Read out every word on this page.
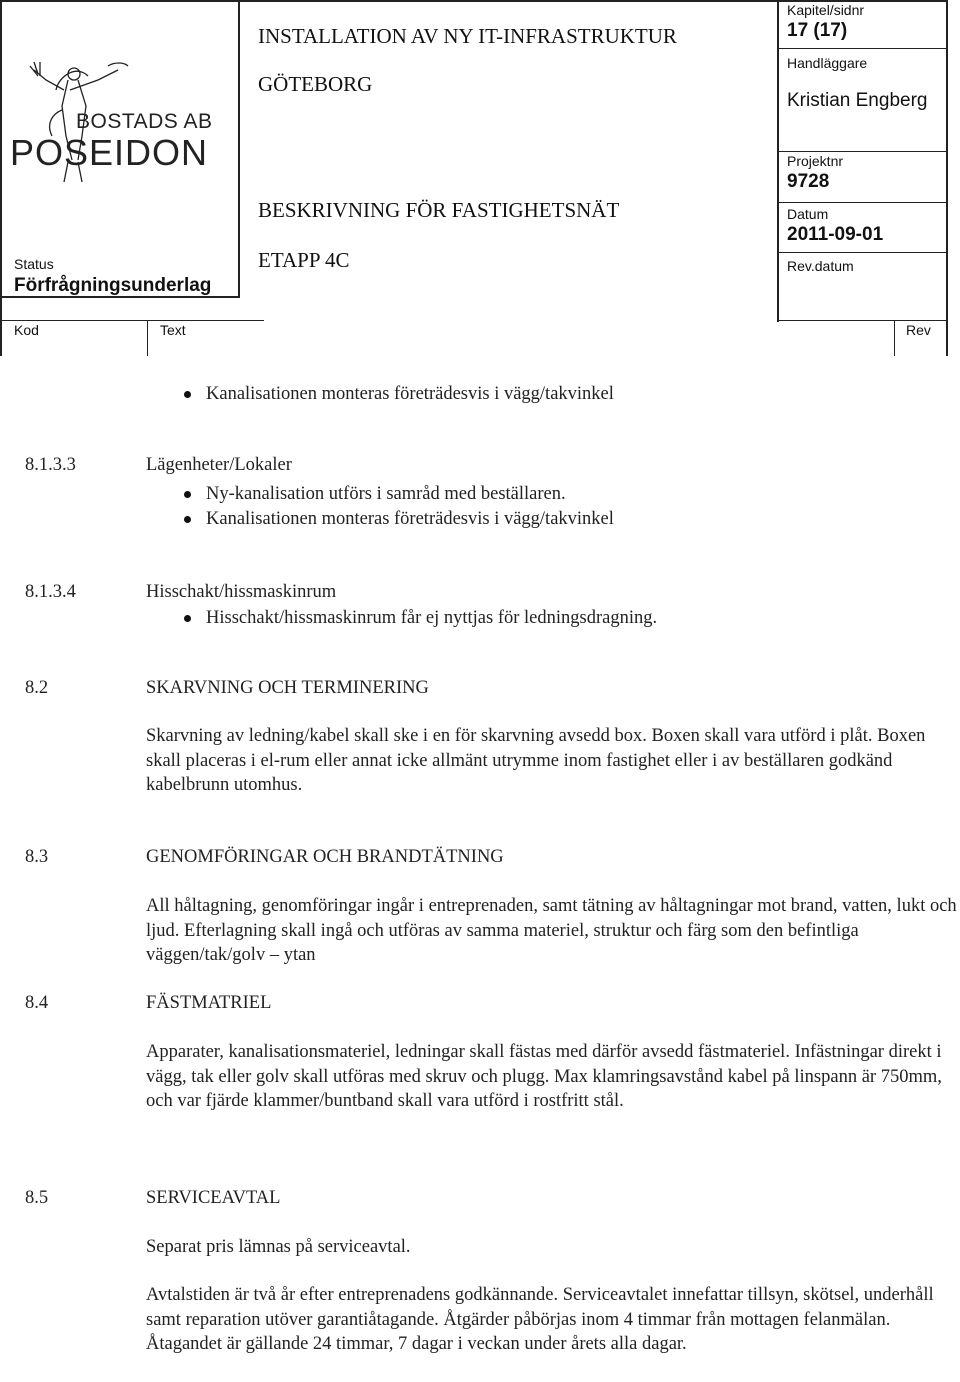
BOSTADS AB
POSEIDON
Status
Förfrågningsunderlag
INSTALLATION AV NY IT-INFRASTRUKTUR
GÖTEBORG
BESKRIVNING FÖR FASTIGHETSNÄT
ETAPP 4C
Kapitel/sidnr
17 (17)
Handläggare
Kristian Engberg
Projektnr
9728
Datum
2011-09-01
Rev.datum
Kod	Text	Rev
Kanalisationen monteras företrädesvis i vägg/takvinkel
8.1.3.3	Lägenheter/Lokaler
Ny-kanalisation utförs i samråd med beställaren.
Kanalisationen monteras företrädesvis i vägg/takvinkel
8.1.3.4	Hisschakt/hissmaskinrum
Hisschakt/hissmaskinrum får ej nyttjas för ledningsdragning.
8.2	SKARVNING OCH TERMINERING
Skarvning av ledning/kabel skall ske i en för skarvning avsedd box. Boxen skall vara utförd i plåt. Boxen skall placeras i el-rum eller annat icke allmänt utrymme inom fastighet eller i av beställaren godkänd kabelbrunn utomhus.
8.3	GENOMFÖRINGAR OCH BRANDTÄTNING
All håltagning, genomföringar ingår i entreprenaden, samt tätning av håltagningar mot brand, vatten, lukt och ljud. Efterlagning skall ingå och utföras av samma materiel, struktur och färg som den befintliga väggen/tak/golv – ytan
8.4	FÄSTMATRIEL
Apparater, kanalisationsmateriel, ledningar skall fästas med därför avsedd fästmateriel. Infästningar direkt i vägg, tak eller golv skall utföras med skruv och plugg. Max klamringsavstånd kabel på linspann är 750mm, och var fjärde klammer/buntband skall vara utförd i rostfritt stål.
8.5	SERVICEAVTAL
Separat pris lämnas på serviceavtal.
Avtalstiden är två år efter entreprenadens godkännande. Serviceavtalet innefattar tillsyn, skötsel, underhåll samt reparation utöver garantiåtagande. Åtgärder påbörjas inom 4 timmar från mottagen felanmälan. Åtagandet är gällande 24 timmar, 7 dagar i veckan under årets alla dagar.
